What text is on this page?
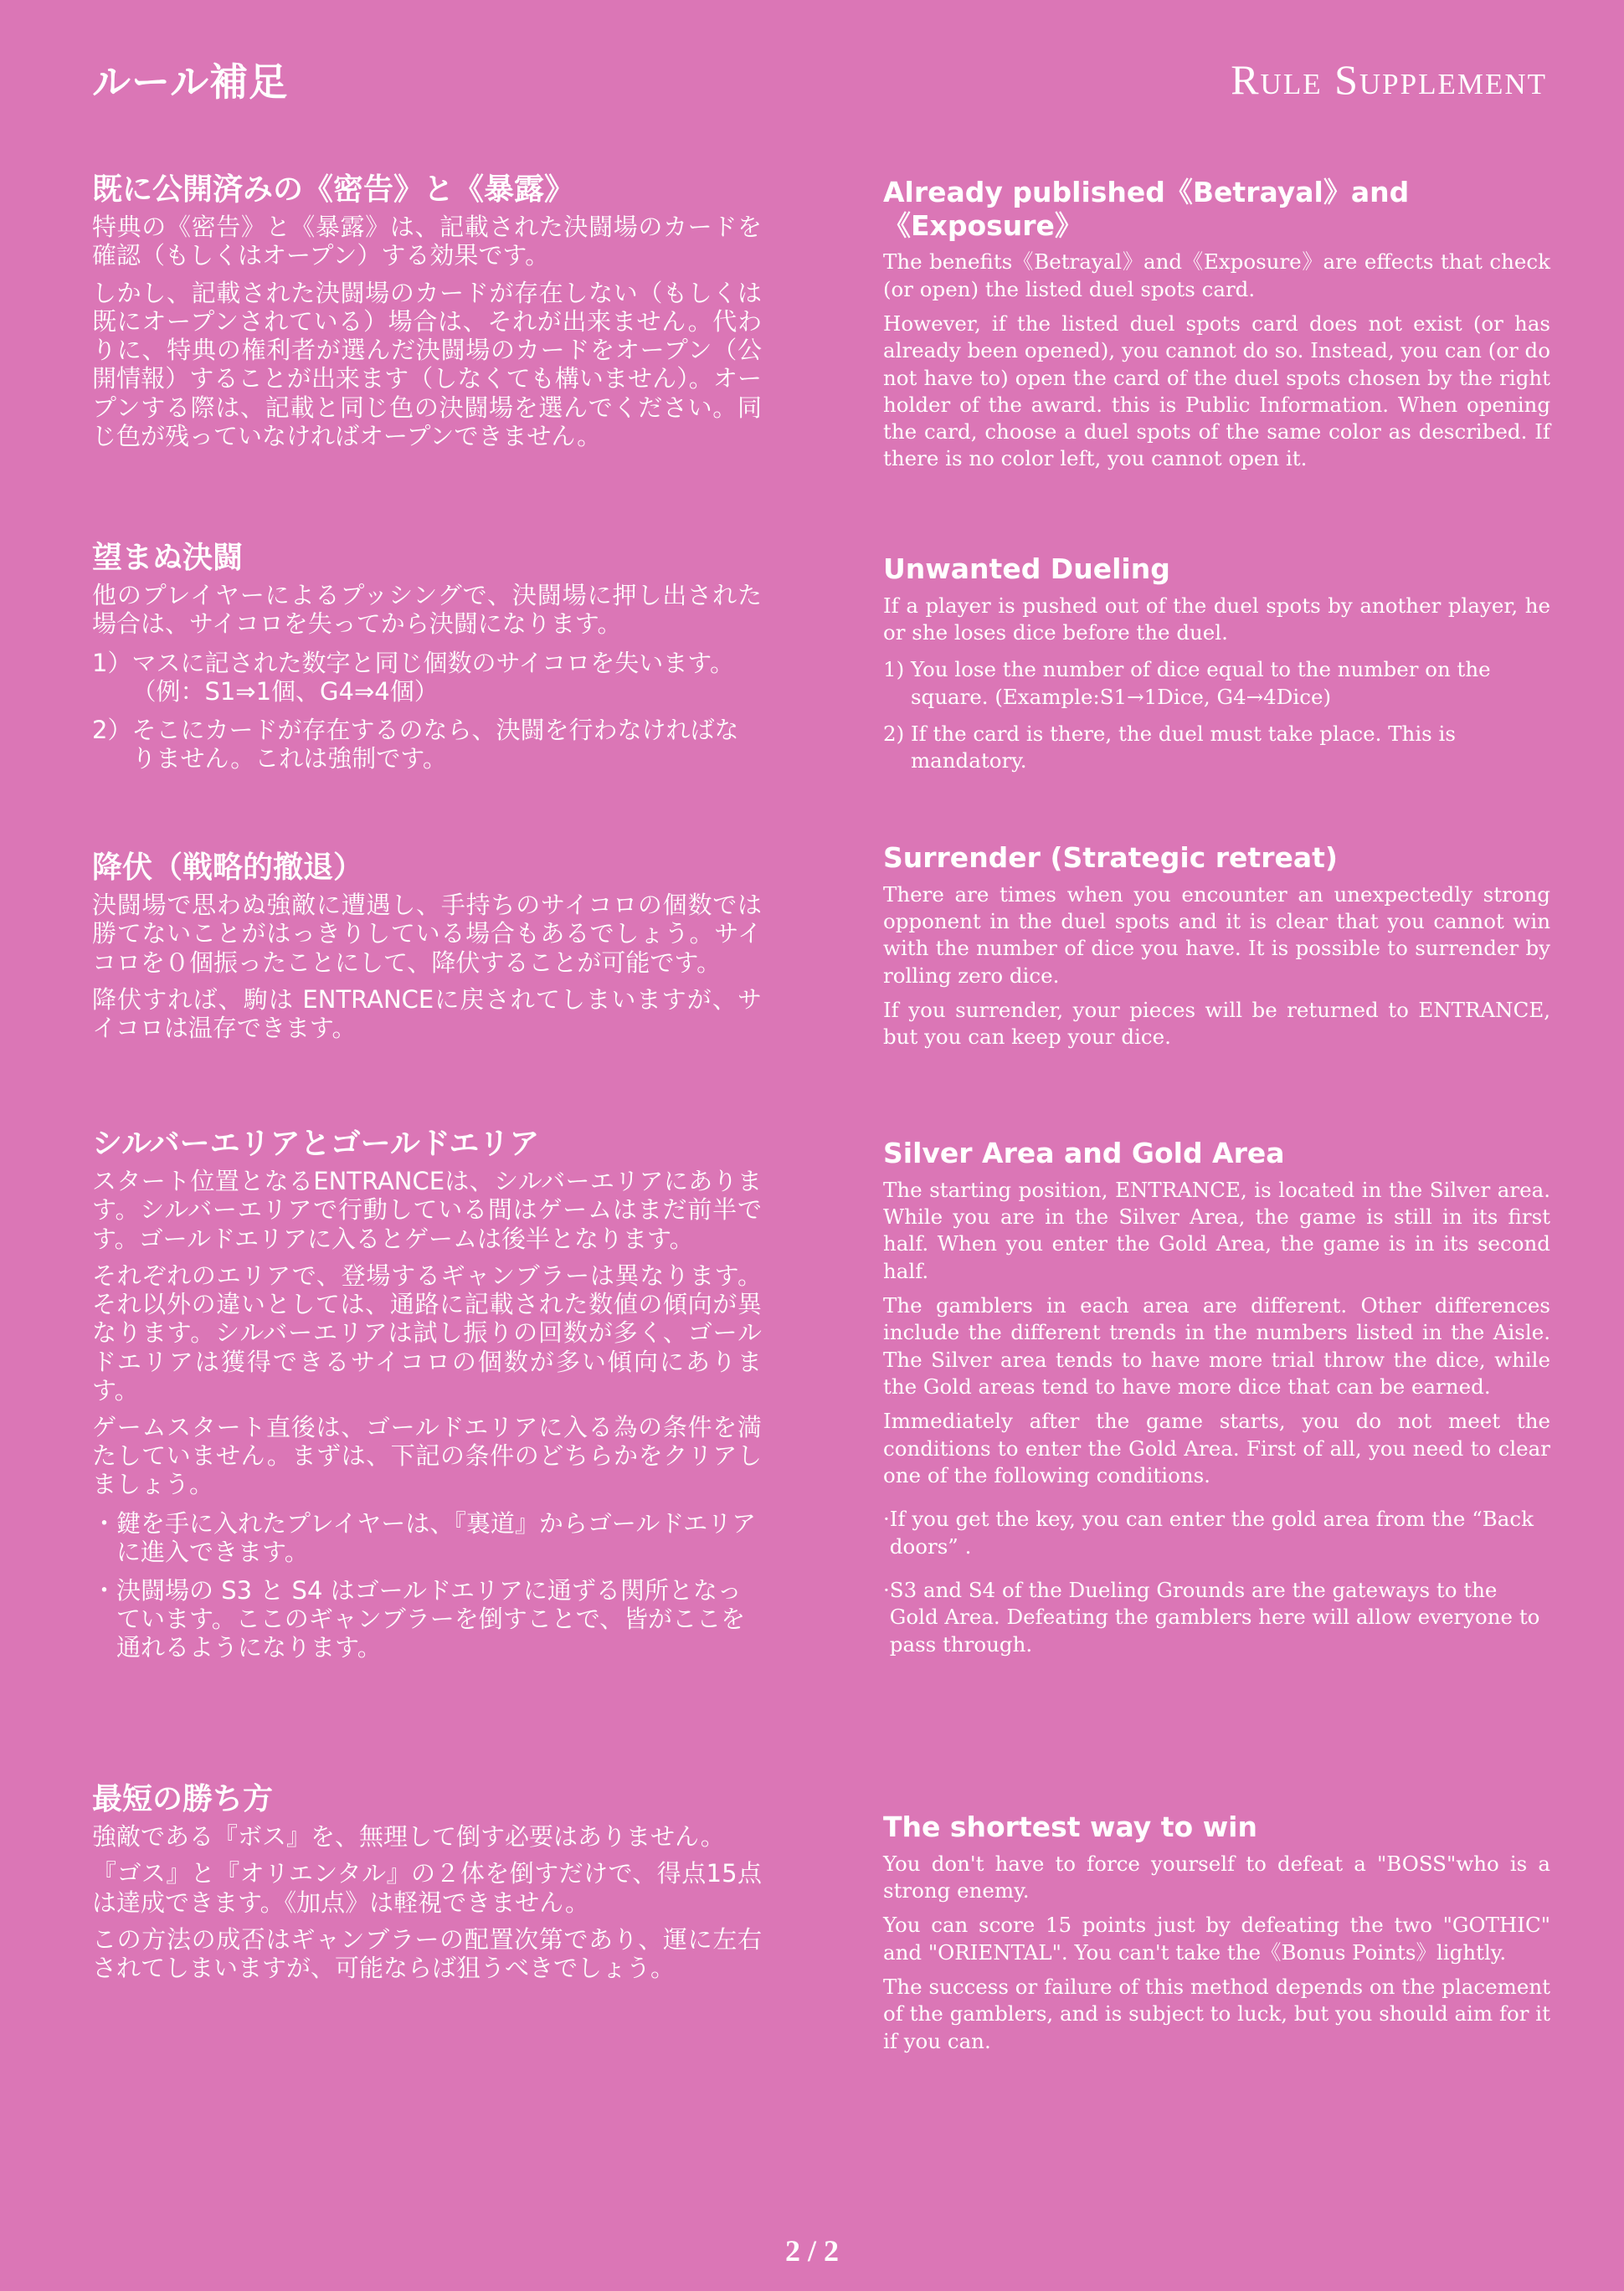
ルール補足	Rule Supplement
既に公開済みの《密告》と《暴露》

特典の《密告》と《暴露》は、記載された決闘場のカードを確認（もしくはオープン）する効果です。

しかし、記載された決闘場のカードが存在しない（もしくは既にオープンされている）場合は、それが出来ません。代わりに、特典の権利者が選んだ決闘場のカードをオープン（公開情報）することが出来ます（しなくても構いません）。オープンする際は、記載と同じ色の決闘場を選んでください。同じ色が残っていなければオープンできません。

望まぬ決闘

他のプレイヤーによるプッシングで、決闘場に押し出された場合は、サイコロを失ってから決闘になります。

1） マスに記された数字と同じ個数のサイコロを失います。（例：S1⇒1個、G4⇒4個）
2） そこにカードが存在するのなら、決闘を行わなければなりません。これは強制です。
降伏（戦略的撤退）

決闘場で思わぬ強敵に遭遇し、手持ちのサイコロの個数では勝てないことがはっきりしている場合もあるでしょう。サイコロを０個振ったことにして、降伏することが可能です。

降伏すれば、駒は ENTRANCEに戻されてしまいますが、サイコロは温存できます。

シルバーエリアとゴールドエリア

スタート位置となるENTRANCEは、シルバーエリアにあります。シルバーエリアで行動している間はゲームはまだ前半です。ゴールドエリアに入るとゲームは後半となります。

それぞれのエリアで、登場するギャンブラーは異なります。それ以外の違いとしては、通路に記載された数値の傾向が異なります。シルバーエリアは試し振りの回数が多く、ゴールドエリアは獲得できるサイコロの個数が多い傾向にあります。

ゲームスタート直後は、ゴールドエリアに入る為の条件を満たしていません。まずは、下記の条件のどちらかをクリアしましょう。

・ 鍵を手に入れたプレイヤーは、『裏道』からゴールドエリアに進入できます。
・ 決闘場の S3 と S4 はゴールドエリアに通ずる関所となっています。ここのギャンブラーを倒すことで、皆がここを通れるようになります。
最短の勝ち方

強敵である『ボス』を、無理して倒す必要はありません。

『ゴス』と『オリエンタル』の２体を倒すだけで、得点15点は達成できます。《加点》は軽視できません。

この方法の成否はギャンブラーの配置次第であり、運に左右されてしまいますが、可能ならば狙うべきでしょう。

Already published《Betrayal》and《Exposure》

The benefits《Betrayal》and《Exposure》are effects that check (or open) the listed duel spots card.

However, if the listed duel spots card does not exist (or has already been opened), you cannot do so. Instead, you can (or do not have to) open the card of the duel spots chosen by the right holder of the award. this is Public Information. When opening the card, choose a duel spots of the same color as described. If there is no color left, you cannot open it.

Unwanted Dueling

If a player is pushed out of the duel spots by another player, he or she loses dice before the duel.

1) You lose the number of dice equal to the number on the square. (Example:S1→1Dice, G4→4Dice)
2) If the card is there, the duel must take place. This is mandatory.
Surrender (Strategic retreat)

There are times when you encounter an unexpectedly strong opponent in the duel spots and it is clear that you cannot win with the number of dice you have. It is possible to surrender by rolling zero dice.

If you surrender, your pieces will be returned to ENTRANCE, but you can keep your dice.

Silver Area and Gold Area

The starting position, ENTRANCE, is located in the Silver area. While you are in the Silver Area, the game is still in its first half. When you enter the Gold Area, the game is in its second half.

The gamblers in each area are different. Other differences include the different trends in the numbers listed in the Aisle. The Silver area tends to have more trial throw the dice, while the Gold areas tend to have more dice that can be earned.

Immediately after the game starts, you do not meet the conditions to enter the Gold Area. First of all, you need to clear one of the following conditions.

· If you get the key, you can enter the gold area from the “Back doors” .
· S3 and S4 of the Dueling Grounds are the gateways to the Gold Area. Defeating the gamblers here will allow everyone to pass through.
The shortest way to win

You don't have to force yourself to defeat a "BOSS"who is a strong enemy.

You can score 15 points just by defeating the two "GOTHIC" and "ORIENTAL". You can't take the《Bonus Points》lightly.

The success or failure of this method depends on the placement of the gamblers, and is subject to luck, but you should aim for it if you can.

2 / 2
